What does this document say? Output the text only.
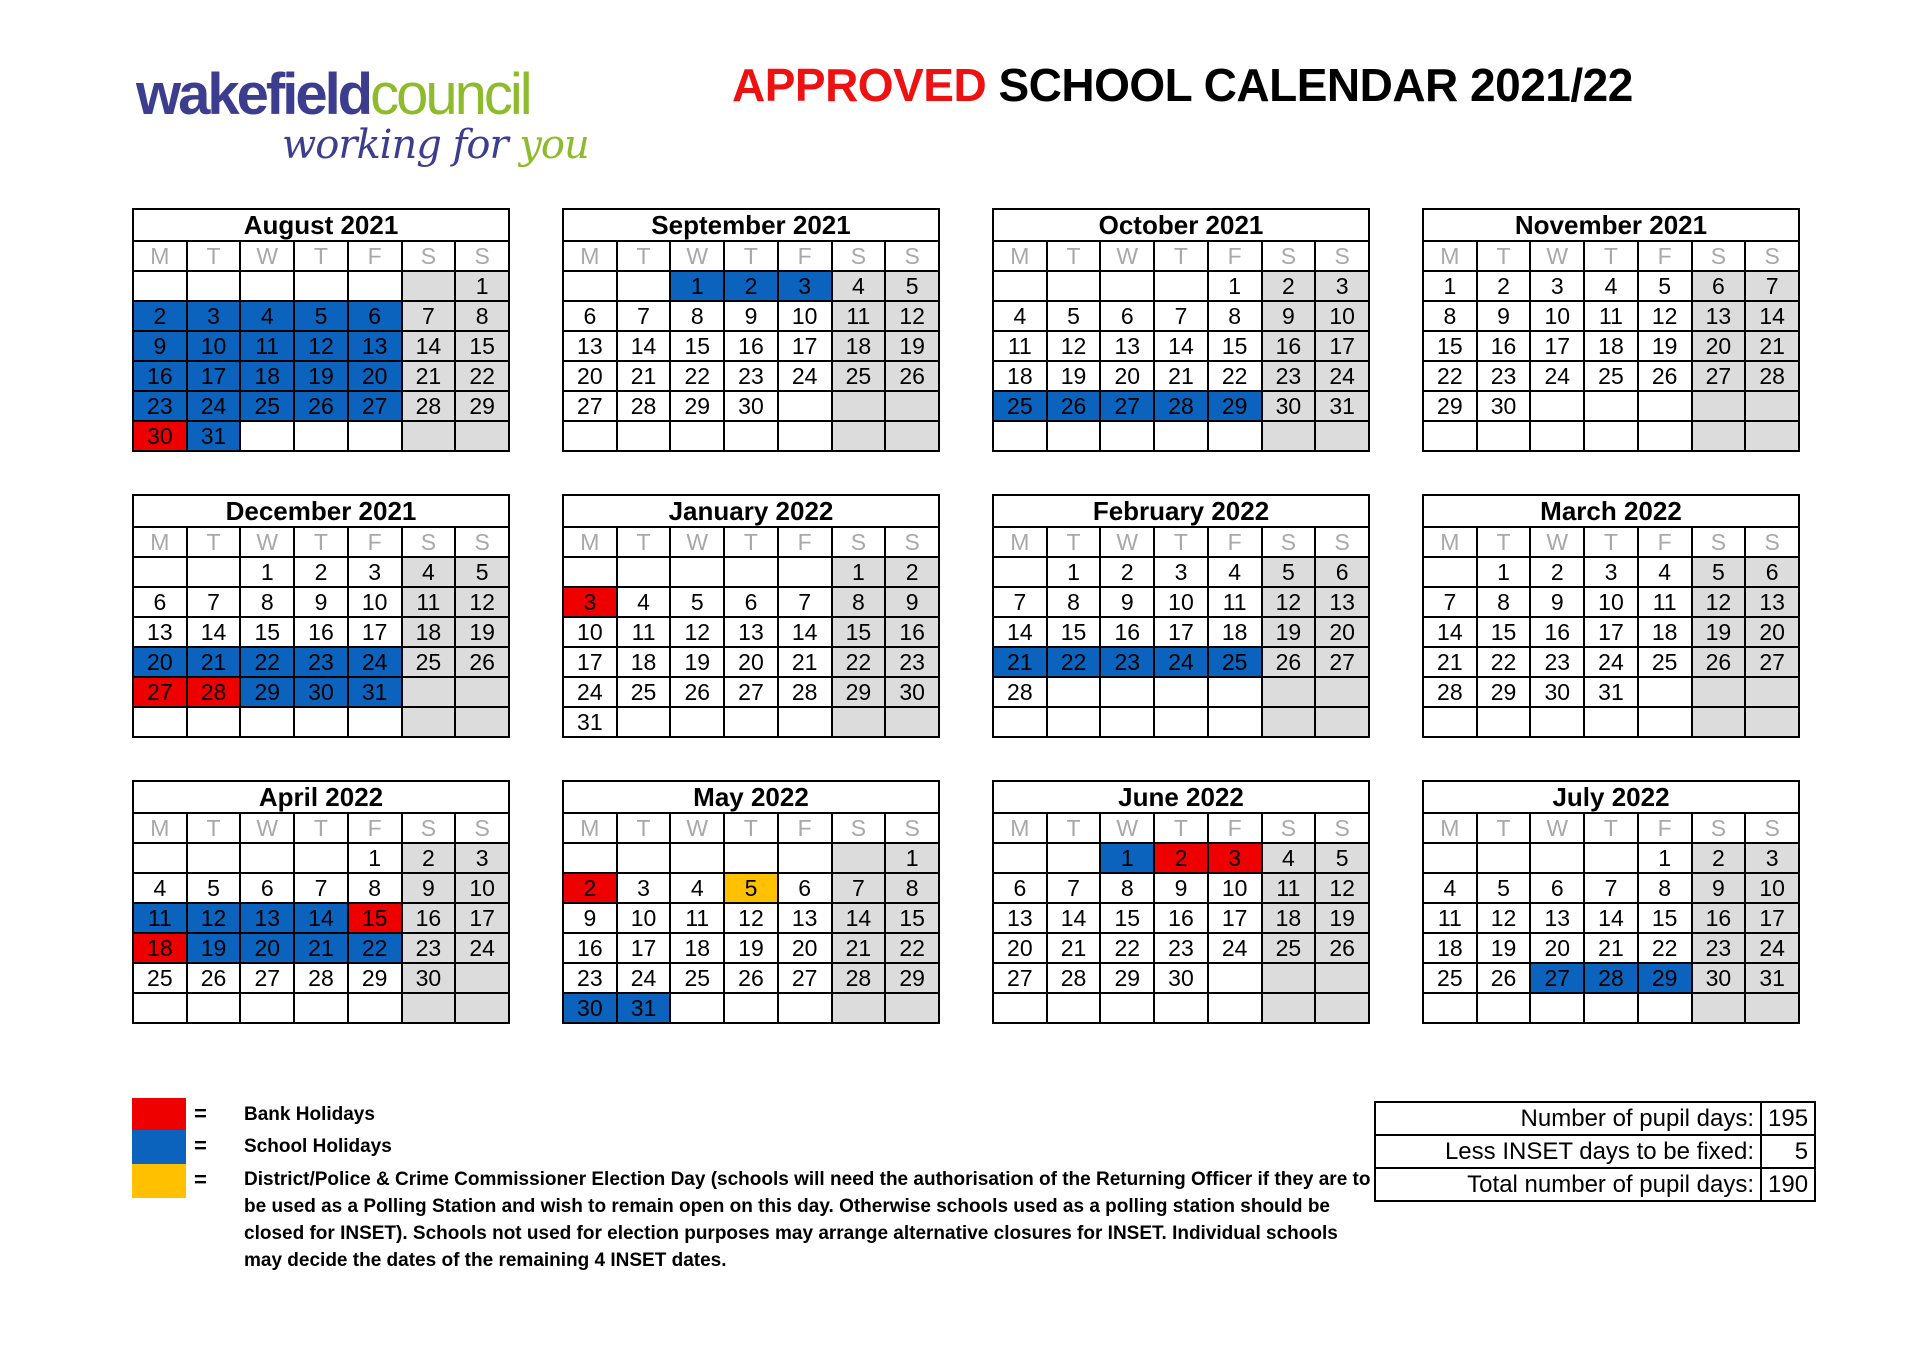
wakefieldcouncil
working for you
APPROVED SCHOOL CALENDAR 2021/22
August 2021						
M	T	W	T	F	S	S
						1
2	3	4	5	6	7	8
9	10	11	12	13	14	15
16	17	18	19	20	21	22
23	24	25	26	27	28	29
30	31					
September 2021						
M	T	W	T	F	S	S
		1	2	3	4	5
6	7	8	9	10	11	12
13	14	15	16	17	18	19
20	21	22	23	24	25	26
27	28	29	30			

October 2021						
M	T	W	T	F	S	S
				1	2	3
4	5	6	7	8	9	10
11	12	13	14	15	16	17
18	19	20	21	22	23	24
25	26	27	28	29	30	31

November 2021						
M	T	W	T	F	S	S
1	2	3	4	5	6	7
8	9	10	11	12	13	14
15	16	17	18	19	20	21
22	23	24	25	26	27	28
29	30					

December 2021						
M	T	W	T	F	S	S
		1	2	3	4	5
6	7	8	9	10	11	12
13	14	15	16	17	18	19
20	21	22	23	24	25	26
27	28	29	30	31		

January 2022						
M	T	W	T	F	S	S
					1	2
3	4	5	6	7	8	9
10	11	12	13	14	15	16
17	18	19	20	21	22	23
24	25	26	27	28	29	30
31						
February 2022						
M	T	W	T	F	S	S
	1	2	3	4	5	6
7	8	9	10	11	12	13
14	15	16	17	18	19	20
21	22	23	24	25	26	27
28						

March 2022						
M	T	W	T	F	S	S
	1	2	3	4	5	6
7	8	9	10	11	12	13
14	15	16	17	18	19	20
21	22	23	24	25	26	27
28	29	30	31			

April 2022						
M	T	W	T	F	S	S
				1	2	3
4	5	6	7	8	9	10
11	12	13	14	15	16	17
18	19	20	21	22	23	24
25	26	27	28	29	30	

May 2022						
M	T	W	T	F	S	S
						1
2	3	4	5	6	7	8
9	10	11	12	13	14	15
16	17	18	19	20	21	22
23	24	25	26	27	28	29
30	31					
June 2022						
M	T	W	T	F	S	S
		1	2	3	4	5
6	7	8	9	10	11	12
13	14	15	16	17	18	19
20	21	22	23	24	25	26
27	28	29	30			

July 2022						
M	T	W	T	F	S	S
				1	2	3
4	5	6	7	8	9	10
11	12	13	14	15	16	17
18	19	20	21	22	23	24
25	26	27	28	29	30	31

= Bank Holidays
= School Holidays
= District/Police & Crime Commissioner Election Day (schools will need the authorisation of the Returning Officer if they are to be used as a Polling Station and wish to remain open on this day. Otherwise schools used as a polling station should be closed for INSET). Schools not used for election purposes may arrange alternative closures for INSET. Individual schools may decide the dates of the remaining 4 INSET dates.
Number of pupil days:	195
Less INSET days to be fixed:	5
Total number of pupil days:	190
